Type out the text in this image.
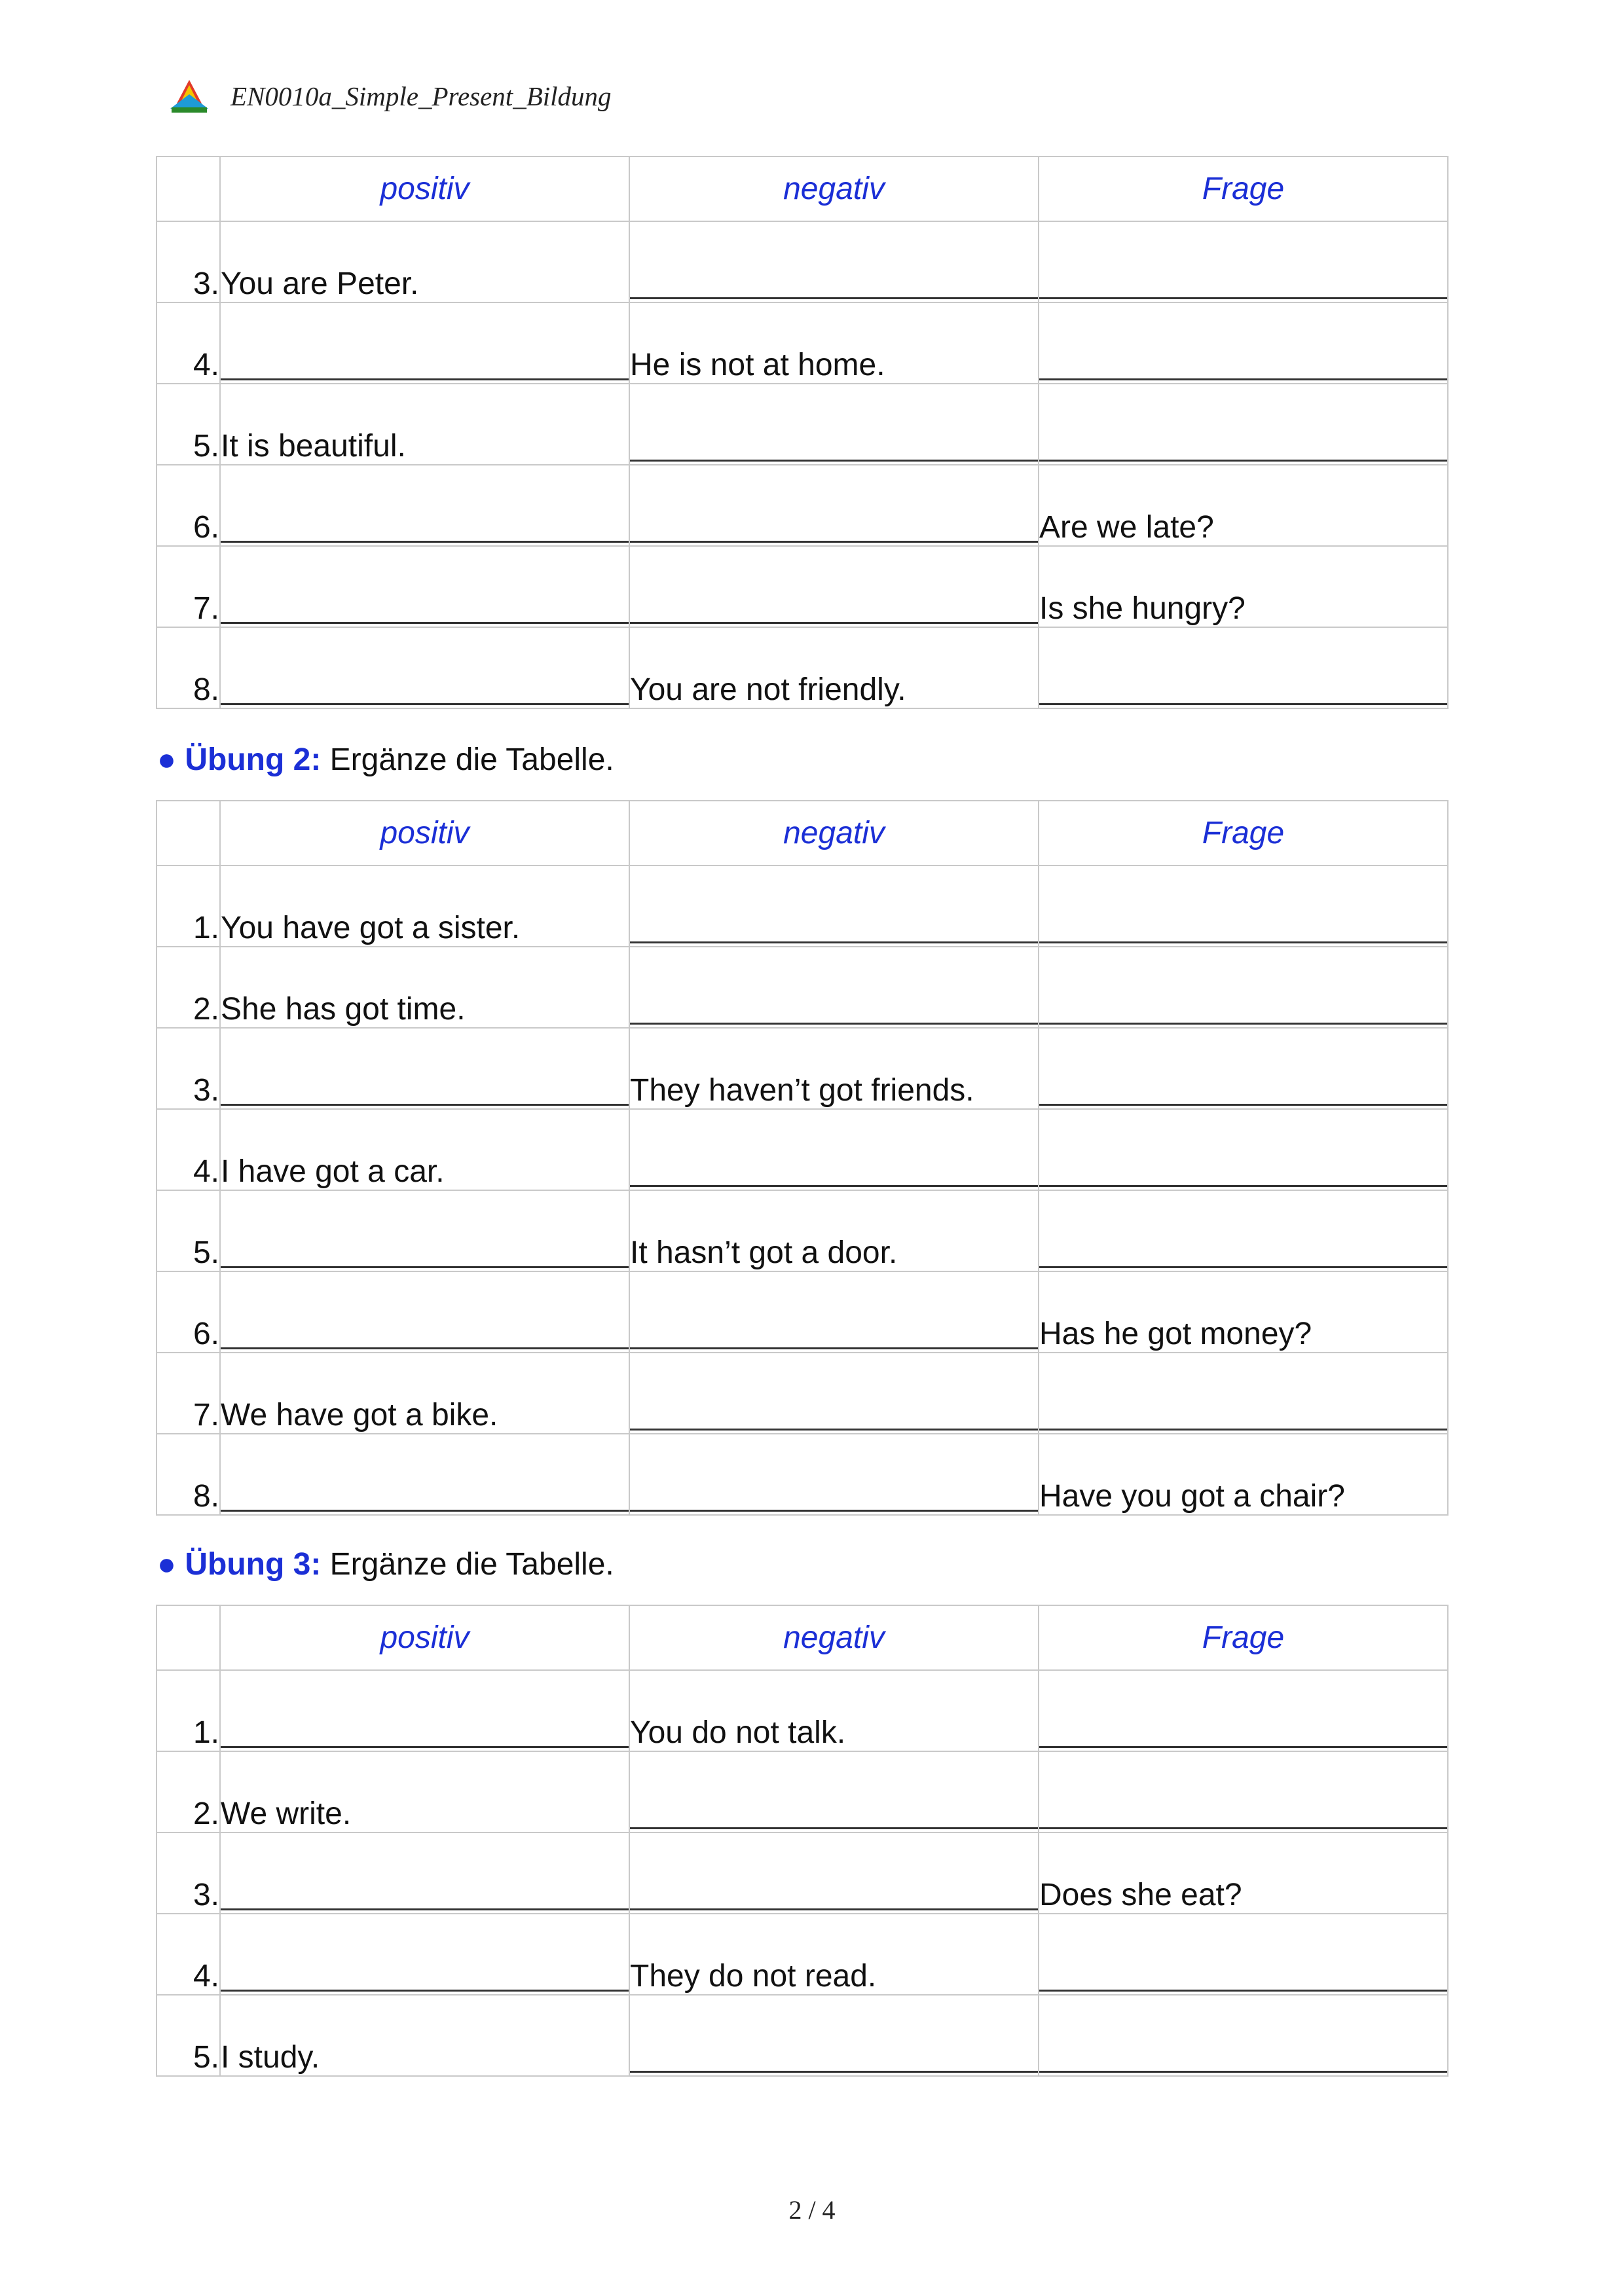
EN0010a_Simple_Present_Bildung
	positiv	negativ	Frage
3.	You are Peter.	

4.		He is not at home.	

5.	It is beautiful.	

6.			Are we late?
7.			Is she hungry?
8.		You are not friendly.	
● Übung 2: Ergänze die Tabelle.
	positiv	negativ	Frage
1.	You have got a sister.	

2.	She has got time.	

3.		They haven’t got friends.	

4.	I have got a car.	

5.		It hasn’t got a door.	

6.			Has he got money?
7.	We have got a bike.	

8.			Have you got a chair?
● Übung 3: Ergänze die Tabelle.
	positiv	negativ	Frage
1.		You do not talk.	

2.	We write.	

3.			Does she eat?
4.		They do not read.	

5.	I study.	

2 / 4
